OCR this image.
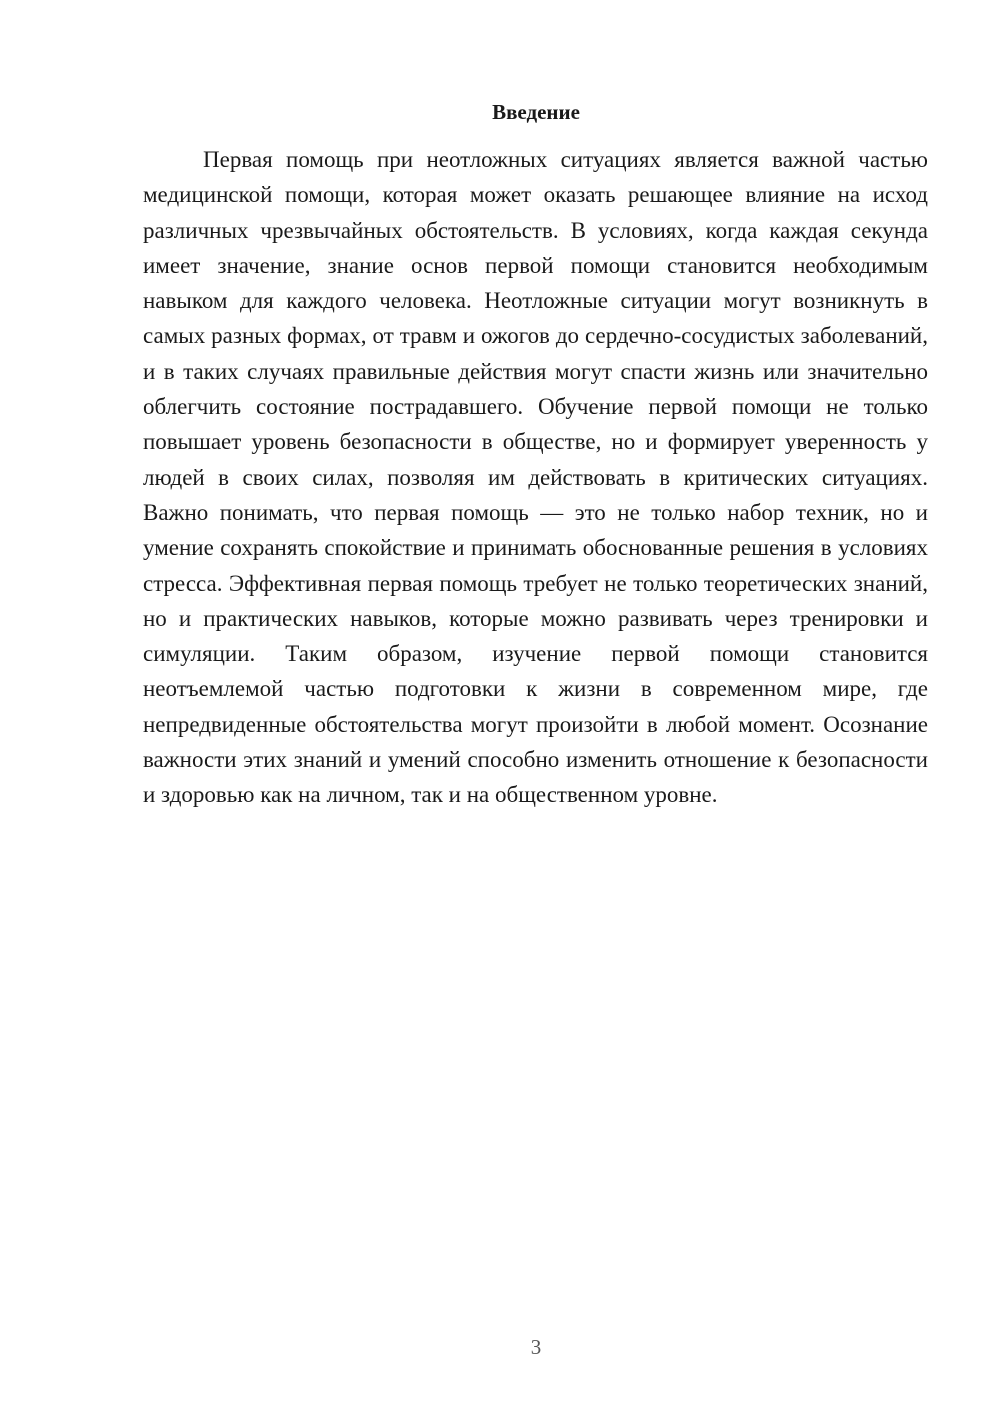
Введение

Первая помощь при неотложных ситуациях является важной частью медицинской помощи, которая может оказать решающее влияние на исход различных чрезвычайных обстоятельств. В условиях, когда каждая секунда имеет значение, знание основ первой помощи становится необходимым навыком для каждого человека. Неотложные ситуации могут возникнуть в самых разных формах, от травм и ожогов до сердечно-сосудистых заболеваний, и в таких случаях правильные действия могут спасти жизнь или значительно облегчить состояние пострадавшего. Обучение первой помощи не только повышает уровень безопасности в обществе, но и формирует уверенность у людей в своих силах, позволяя им действовать в критических ситуациях. Важно понимать, что первая помощь — это не только набор техник, но и умение сохранять спокойствие и принимать обоснованные решения в условиях стресса. Эффективная первая помощь требует не только теоретических знаний, но и практических навыков, которые можно развивать через тренировки и симуляции. Таким образом, изучение первой помощи становится неотъемлемой частью подготовки к жизни в современном мире, где непредвиденные обстоятельства могут произойти в любой момент. Осознание важности этих знаний и умений способно изменить отношение к безопасности и здоровью как на личном, так и на общественном уровне.

3
